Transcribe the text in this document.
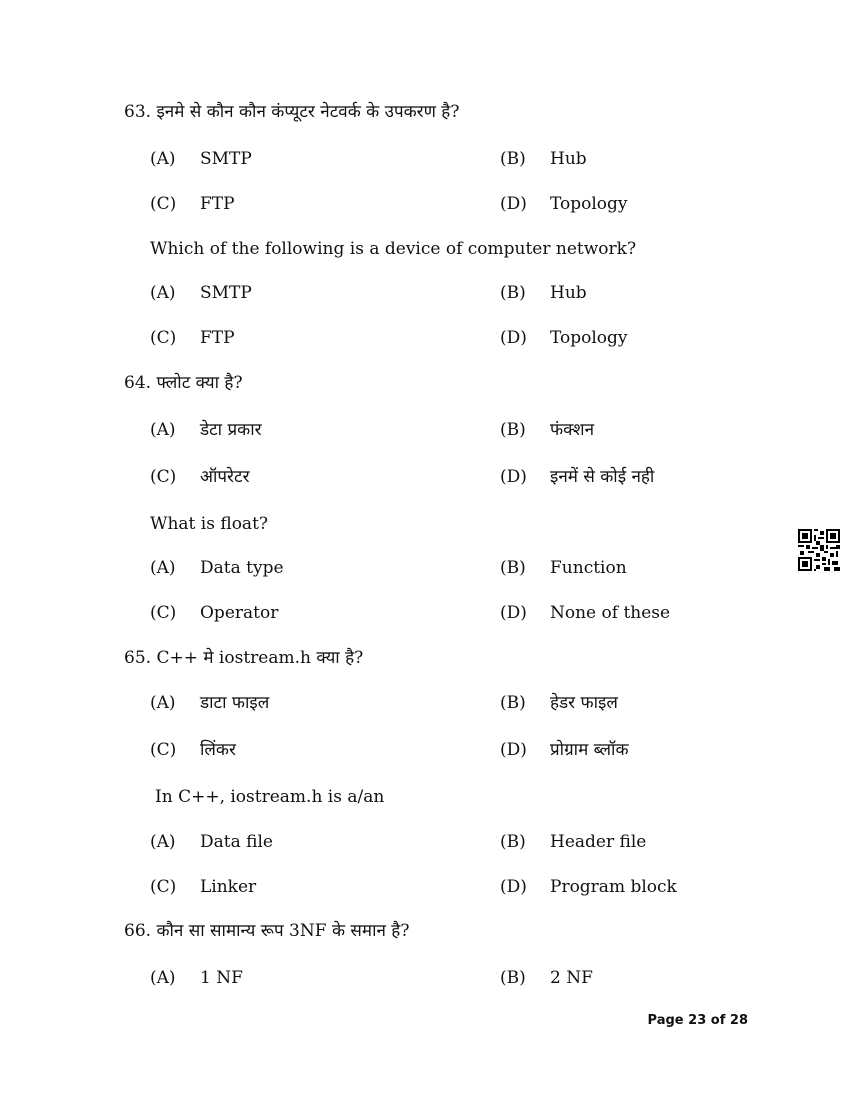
63. इनमे से कौन कौन कंप्यूटर नेटवर्क के उपकरण है?
(A) SMTP	(B) Hub
(C) FTP	(D) Topology
Which of the following is a device of computer network?
(A) SMTP	(B) Hub
(C) FTP	(D) Topology
64. फ्लोट क्या है?
(A) डेटा प्रकार	(B) फंक्शन
(C) ऑपरेटर	(D) इनमें से कोई नही
What is float?
(A) Data type	(B) Function
(C) Operator	(D) None of these
65. C++ मे iostream.h क्या है?
(A) डाटा फाइल	(B) हेडर फाइल
(C) लिंकर	(D) प्रोग्राम ब्लॉक
In C++, iostream.h is a/an
(A) Data file	(B) Header file
(C) Linker	(D) Program block
66. कौन सा सामान्य रूप 3NF के समान है?
(A) 1 NF	(B) 2 NF
Page 23 of 28
